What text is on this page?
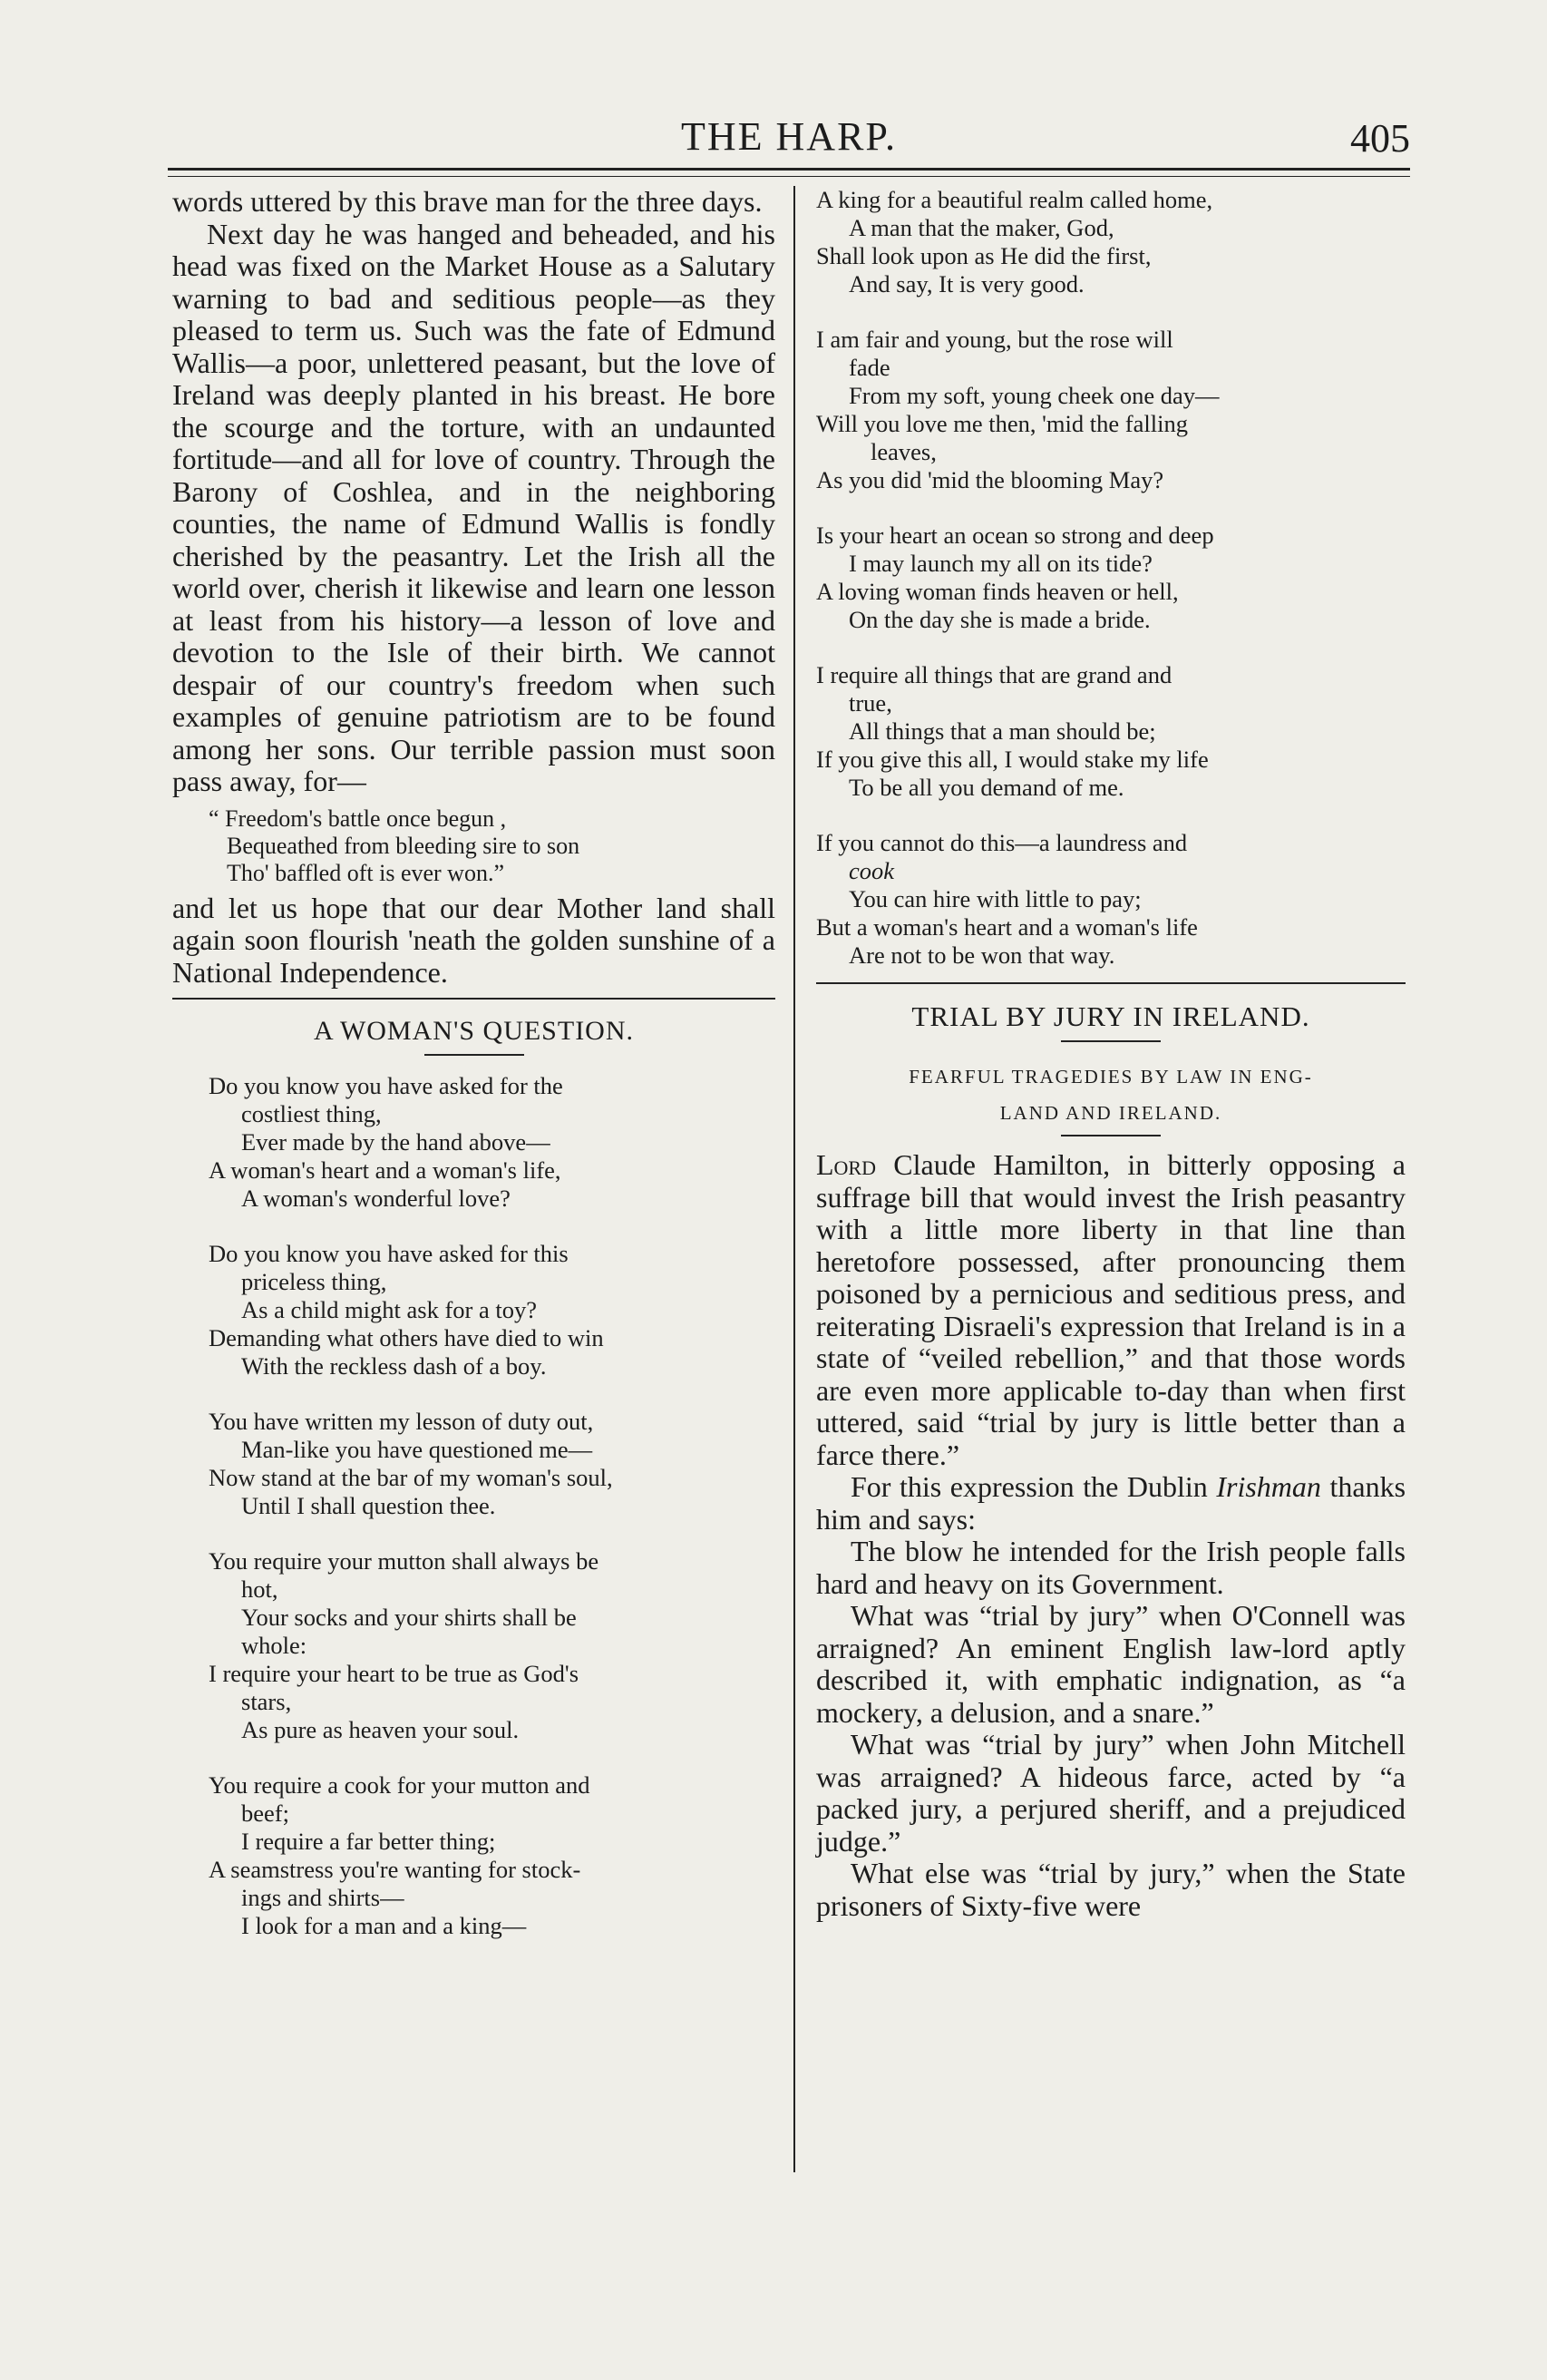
THE HARP.	405

words uttered by this brave man for the three days.

Next day he was hanged and beheaded, and his head was fixed on the Market House as a Salutary warning to bad and seditious people—as they pleased to term us. Such was the fate of Edmund Wallis—a poor, unlettered peasant, but the love of Ireland was deeply planted in his breast. He bore the scourge and the torture, with an undaunted fortitude—and all for love of country. Through the Barony of Coshlea, and in the neighboring counties, the name of Edmund Wallis is fondly cherished by the peasantry. Let the Irish all the world over, cherish it likewise and learn one lesson at least from his history—a lesson of love and devotion to the Isle of their birth. We cannot despair of our country's freedom when such examples of genuine patriotism are to be found among her sons. Our terrible passion must soon pass away, for—

“ Freedom's battle once begun ,
Bequeathed from bleeding sire to son
Tho' baffled oft is ever won.”

and let us hope that our dear Mother land shall again soon flourish 'neath the golden sunshine of a National Independence.

A WOMAN'S QUESTION.
Do you know you have asked for the
costliest thing,
Ever made by the hand above—
A woman's heart and a woman's life,
A woman's wonderful love?
Do you know you have asked for this
priceless thing,
As a child might ask for a toy?
Demanding what others have died to win
With the reckless dash of a boy.
You have written my lesson of duty out,
Man-like you have questioned me—
Now stand at the bar of my woman's soul,
Until I shall question thee.
You require your mutton shall always be
hot,
Your socks and your shirts shall be
whole:
I require your heart to be true as God's
stars,
As pure as heaven your soul.
You require a cook for your mutton and
beef;
I require a far better thing;
A seamstress you're wanting for stock-
ings and shirts—
I look for a man and a king—
A king for a beautiful realm called home,
A man that the maker, God,
Shall look upon as He did the first,
And say, It is very good.
I am fair and young, but the rose will
fade
From my soft, young cheek one day—
Will you love me then, 'mid the falling
leaves,
As you did 'mid the blooming May?
Is your heart an ocean so strong and deep
I may launch my all on its tide?
A loving woman finds heaven or hell,
On the day she is made a bride.
I require all things that are grand and
true,
All things that a man should be;
If you give this all, I would stake my life
To be all you demand of me.
If you cannot do this—a laundress and
cook
You can hire with little to pay;
But a woman's heart and a woman's life
Are not to be won that way.
TRIAL BY JURY IN IRELAND.
FEARFUL TRAGEDIES BY LAW IN ENG-
LAND AND IRELAND.

Lord Claude Hamilton, in bitterly opposing a suffrage bill that would invest the Irish peasantry with a little more liberty in that line than heretofore possessed, after pronouncing them poisoned by a pernicious and seditious press, and reiterating Disraeli's expression that Ireland is in a state of “veiled rebellion,” and that those words are even more applicable to-day than when first uttered, said “trial by jury is little better than a farce there.”

For this expression the Dublin Irishman thanks him and says:

The blow he intended for the Irish people falls hard and heavy on its Government.

What was “trial by jury” when O'Connell was arraigned? An eminent English law-lord aptly described it, with emphatic indignation, as “a mockery, a delusion, and a snare.”

What was “trial by jury” when John Mitchell was arraigned? A hideous farce, acted by “a packed jury, a perjured sheriff, and a prejudiced judge.”

What else was “trial by jury,” when the State prisoners of Sixty-five were
